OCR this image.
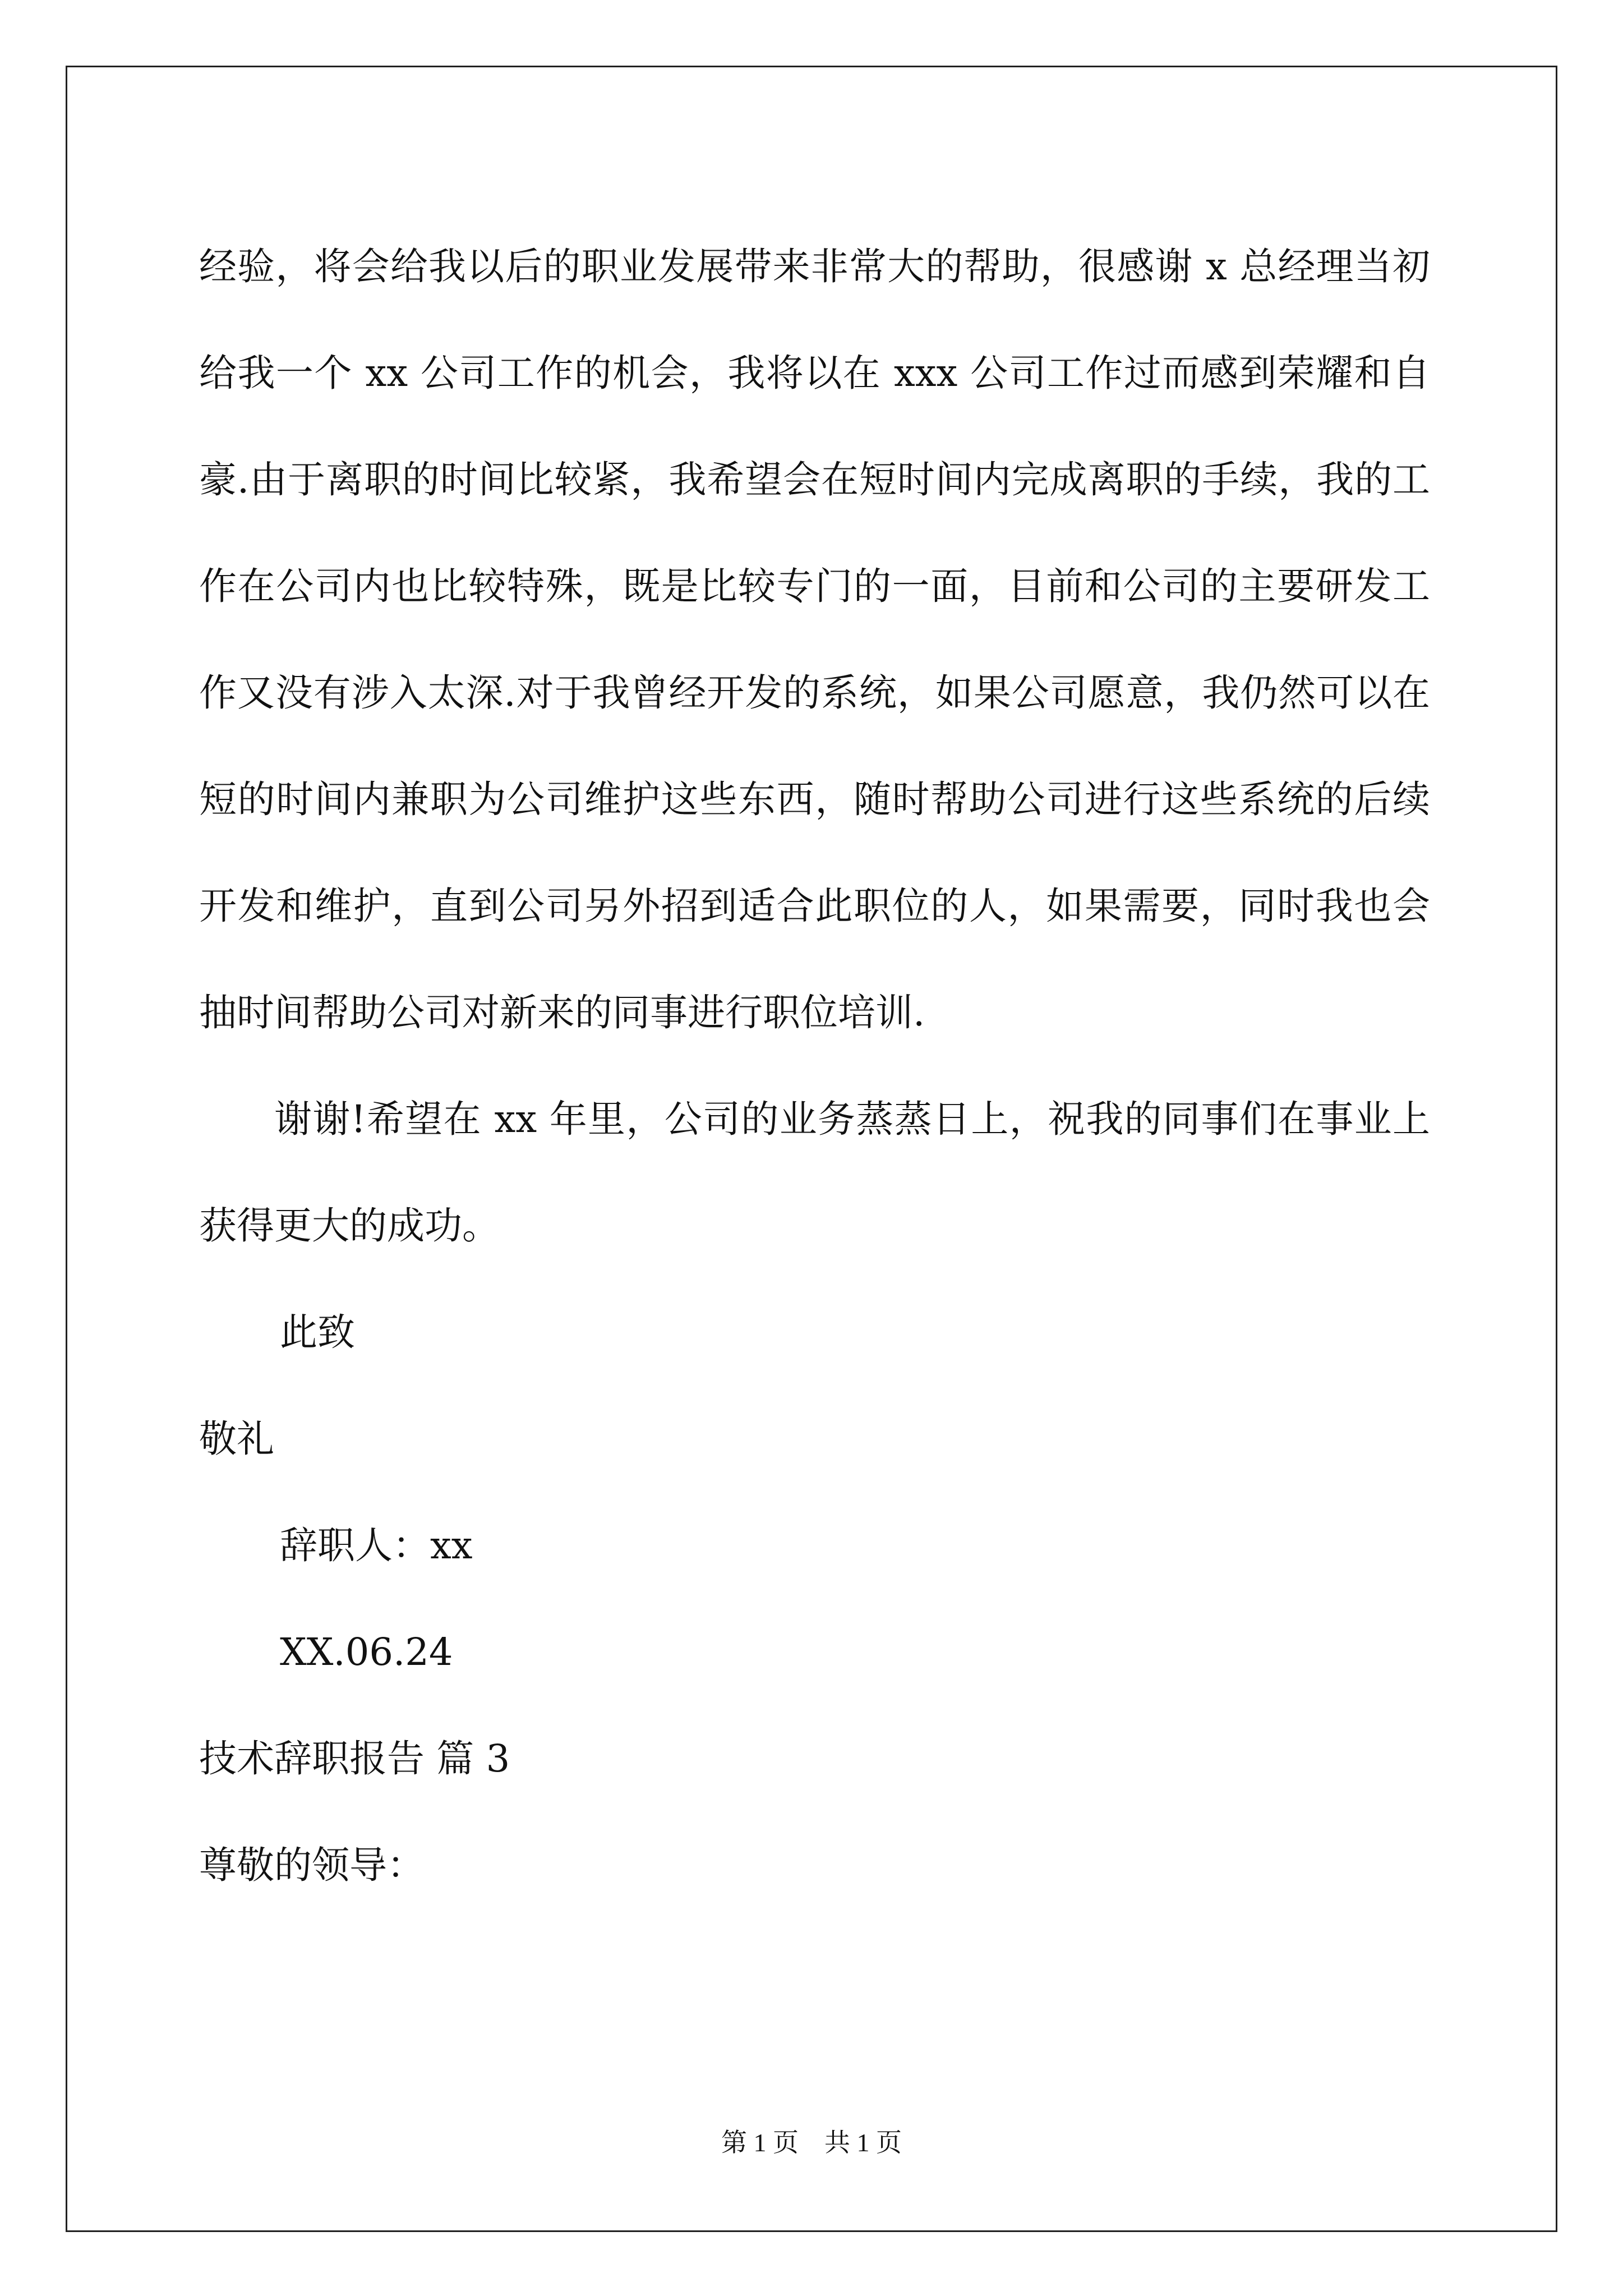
经验，将会给我以后的职业发展带来非常大的帮助，很感谢 x 总经理当初给我一个 xx 公司工作的机会，我将以在 xxx 公司工作过而感到荣耀和自豪.由于离职的时间比较紧，我希望会在短时间内完成离职的手续，我的工作在公司内也比较特殊，既是比较专门的一面，目前和公司的主要研发工作又没有涉入太深.对于我曾经开发的系统，如果公司愿意，我仍然可以在短的时间内兼职为公司维护这些东西，随时帮助公司进行这些系统的后续开发和维护，直到公司另外招到适合此职位的人，如果需要，同时我也会抽时间帮助公司对新来的同事进行职位培训.

谢谢!希望在 xx 年里，公司的业务蒸蒸日上，祝我的同事们在事业上获得更大的成功。

此致

敬礼

辞职人：xx

XX.06.24

技术辞职报告 篇 3

尊敬的领导：

第 1 页　共 1 页
